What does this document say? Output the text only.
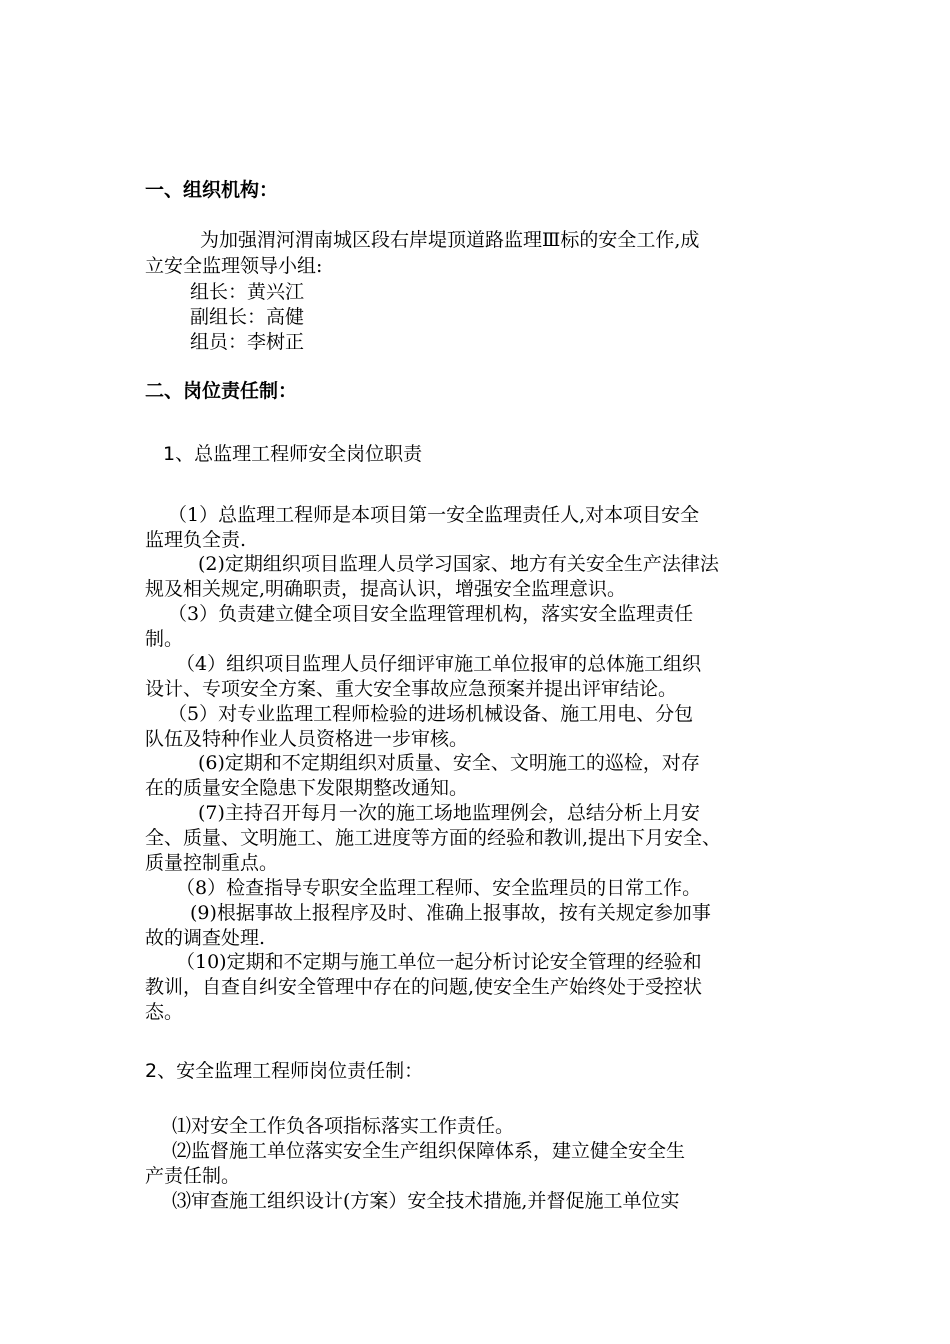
一、组织机构：
为加强渭河渭南城区段右岸堤顶道路监理Ⅲ标的安全工作,成
立安全监理领导小组:
组长：黄兴江
副组长：高健
组员：李树正
二、岗位责任制：
1、总监理工程师安全岗位职责
（1）总监理工程师是本项目第一安全监理责任人,对本项目安全
监理负全责.
(2)定期组织项目监理人员学习国家、地方有关安全生产法律法
规及相关规定,明确职责，提高认识，增强安全监理意识。
（3）负责建立健全项目安全监理管理机构，落实安全监理责任
制。
（4）组织项目监理人员仔细评审施工单位报审的总体施工组织
设计、专项安全方案、重大安全事故应急预案并提出评审结论。
（5）对专业监理工程师检验的进场机械设备、施工用电、分包
队伍及特种作业人员资格进一步审核。
(6)定期和不定期组织对质量、安全、文明施工的巡检，对存
在的质量安全隐患下发限期整改通知。
(7)主持召开每月一次的施工场地监理例会，总结分析上月安
全、质量、文明施工、施工进度等方面的经验和教训,提出下月安全、
质量控制重点。
（8）检查指导专职安全监理工程师、安全监理员的日常工作。
(9)根据事故上报程序及时、准确上报事故，按有关规定参加事
故的调查处理.
（10)定期和不定期与施工单位一起分析讨论安全管理的经验和
教训，自查自纠安全管理中存在的问题,使安全生产始终处于受控状
态。
2、安全监理工程师岗位责任制：
⑴对安全工作负各项指标落实工作责任。
⑵监督施工单位落实安全生产组织保障体系，建立健全安全生
产责任制。
⑶审查施工组织设计(方案）安全技术措施,并督促施工单位实
